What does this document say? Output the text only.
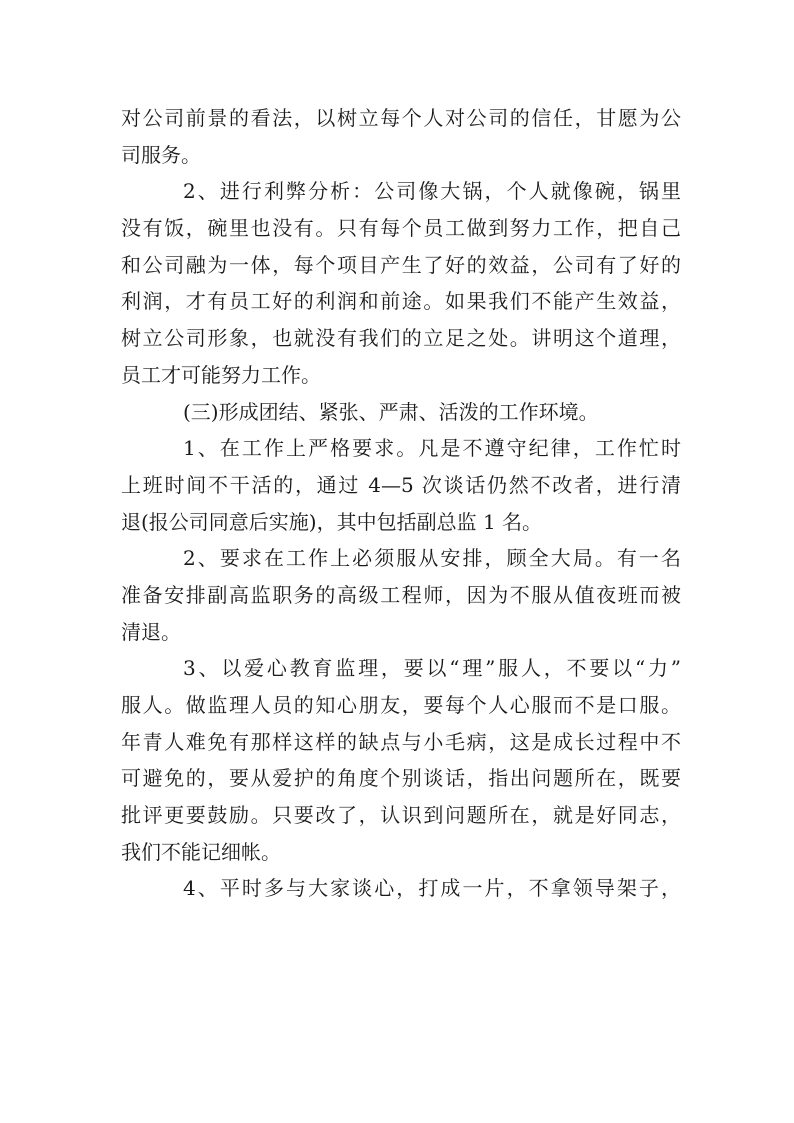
对公司前景的看法，以树立每个人对公司的信任，甘愿为公
司服务。
2、进行利弊分析：公司像大锅，个人就像碗，锅里
没有饭，碗里也没有。只有每个员工做到努力工作，把自己
和公司融为一体，每个项目产生了好的效益，公司有了好的
利润，才有员工好的利润和前途。如果我们不能产生效益，
树立公司形象，也就没有我们的立足之处。讲明这个道理，
员工才可能努力工作。
(三)形成团结、紧张、严肃、活泼的工作环境。
1、在工作上严格要求。凡是不遵守纪律，工作忙时
上班时间不干活的，通过 4—5 次谈话仍然不改者，进行清
退(报公司同意后实施)，其中包括副总监 1 名。
2、要求在工作上必须服从安排，顾全大局。有一名
准备安排副高监职务的高级工程师，因为不服从值夜班而被
清退。
3、以爱心教育监理，要以“理”服人，不要以“力”
服人。做监理人员的知心朋友，要每个人心服而不是口服。
年青人难免有那样这样的缺点与小毛病，这是成长过程中不
可避免的，要从爱护的角度个别谈话，指出问题所在，既要
批评更要鼓励。只要改了，认识到问题所在，就是好同志，
我们不能记细帐。
4、平时多与大家谈心，打成一片，不拿领导架子，
